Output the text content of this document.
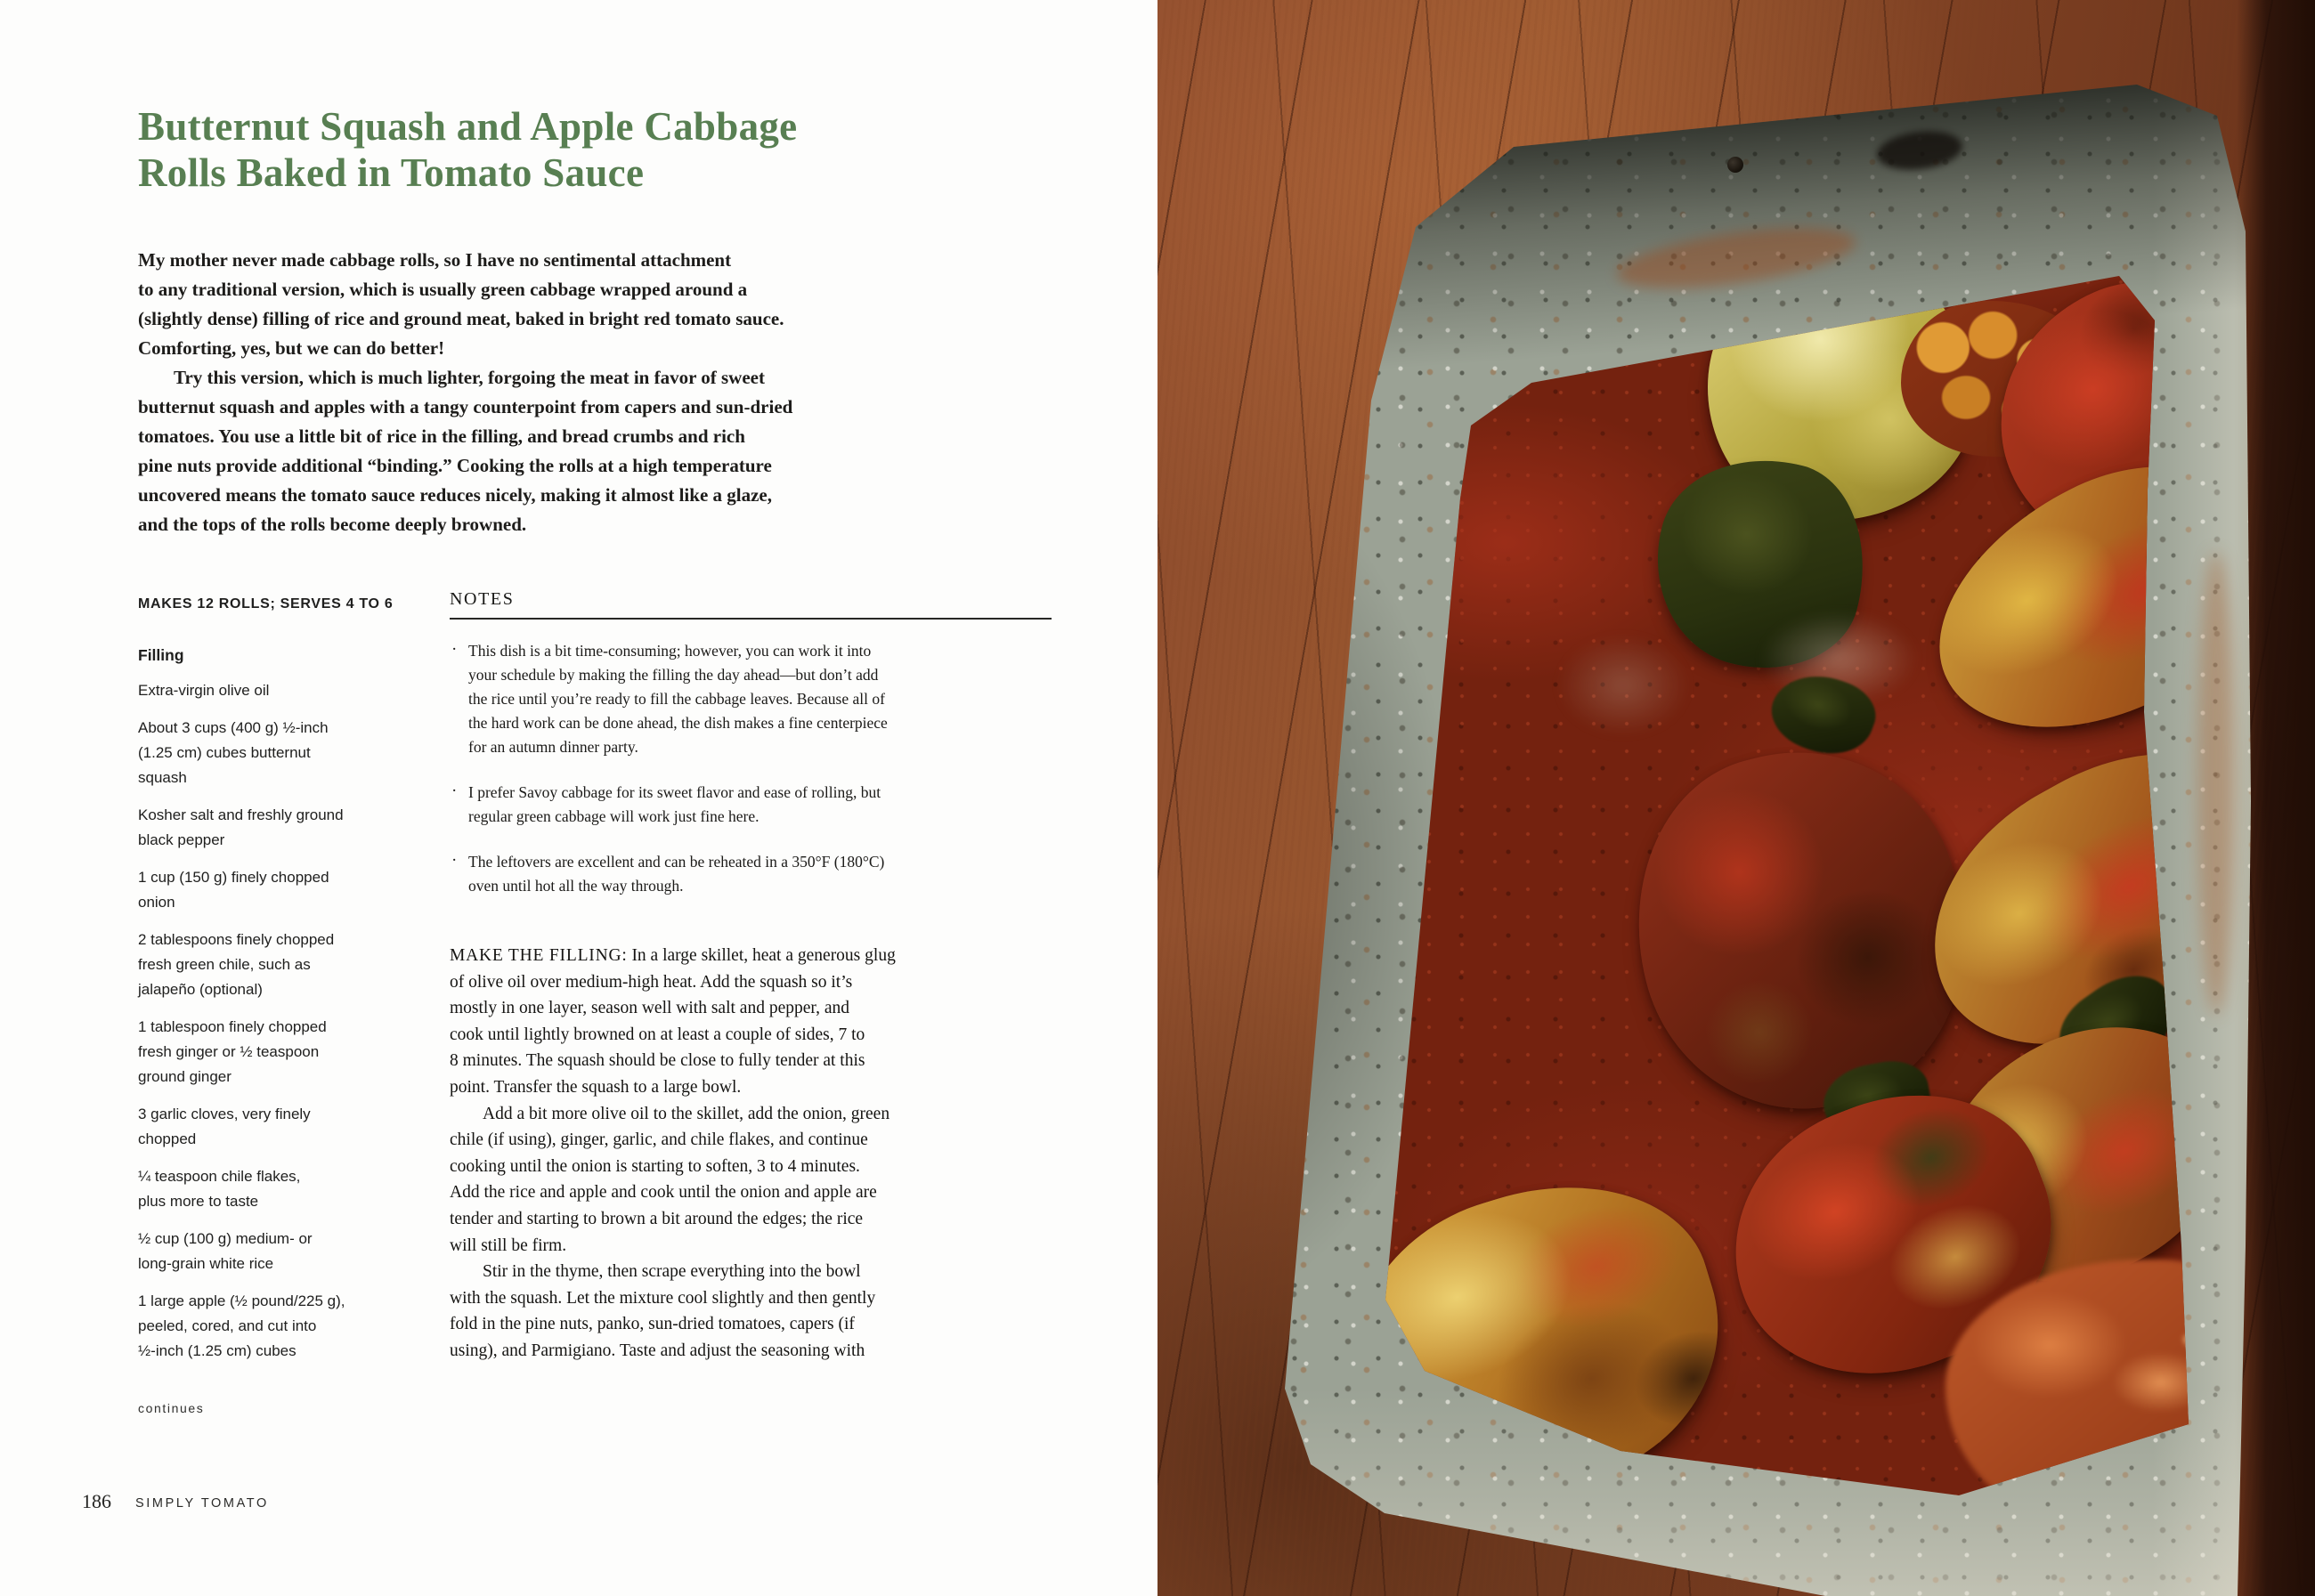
Butternut Squash and Apple Cabbage
Rolls Baked in Tomato Sauce

My mother never made cabbage rolls, so I have no sentimental attachment
to any traditional version, which is usually green cabbage wrapped around a
(slightly dense) filling of rice and ground meat, baked in bright red tomato sauce.
Comforting, yes, but we can do better!

Try this version, which is much lighter, forgoing the meat in favor of sweet
butternut squash and apples with a tangy counterpoint from capers and sun-dried
tomatoes. You use a little bit of rice in the filling, and bread crumbs and rich
pine nuts provide additional “binding.” Cooking the rolls at a high temperature
uncovered means the tomato sauce reduces nicely, making it almost like a glaze,
and the tops of the rolls become deeply browned.

MAKES 12 ROLLS; SERVES 4 TO 6
Filling
Extra-virgin olive oil
About 3 cups (400 g) ½-inch
(1.25 cm) cubes butternut
squash
Kosher salt and freshly ground
black pepper
1 cup (150 g) finely chopped
onion
2 tablespoons finely chopped
fresh green chile, such as
jalapeño (optional)
1 tablespoon finely chopped
fresh ginger or ½ teaspoon
ground ginger
3 garlic cloves, very finely
chopped
¼ teaspoon chile flakes,
plus more to taste
½ cup (100 g) medium- or
long-grain white rice
1 large apple (½ pound/225 g),
peeled, cored, and cut into
½-inch (1.25 cm) cubes
continues
NOTES
· This dish is a bit time-consuming; however, you can work it into
your schedule by making the filling the day ahead—but don’t add
the rice until you’re ready to fill the cabbage leaves. Because all of
the hard work can be done ahead, the dish makes a fine centerpiece
for an autumn dinner party.
· I prefer Savoy cabbage for its sweet flavor and ease of rolling, but
regular green cabbage will work just fine here.
· The leftovers are excellent and can be reheated in a 350°F (180°C)
oven until hot all the way through.

MAKE THE FILLING: In a large skillet, heat a generous glug
of olive oil over medium-high heat. Add the squash so it’s
mostly in one layer, season well with salt and pepper, and
cook until lightly browned on at least a couple of sides, 7 to
8 minutes. The squash should be close to fully tender at this
point. Transfer the squash to a large bowl.

Add a bit more olive oil to the skillet, add the onion, green
chile (if using), ginger, garlic, and chile flakes, and continue
cooking until the onion is starting to soften, 3 to 4 minutes.
Add the rice and apple and cook until the onion and apple are
tender and starting to brown a bit around the edges; the rice
will still be firm.

Stir in the thyme, then scrape everything into the bowl
with the squash. Let the mixture cool slightly and then gently
fold in the pine nuts, panko, sun-dried tomatoes, capers (if
using), and Parmigiano. Taste and adjust the seasoning with

186 SIMPLY TOMATO
